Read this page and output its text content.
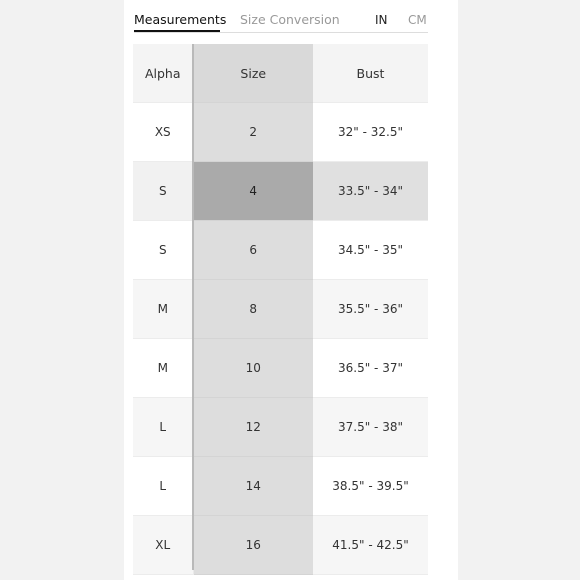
Measurements Size Conversion	IN CM
Alpha	Size	Bust
XS	2	32" - 32.5"
S	4	33.5" - 34"
S	6	34.5" - 35"
M	8	35.5" - 36"
M	10	36.5" - 37"
L	12	37.5" - 38"
L	14	38.5" - 39.5"
XL	16	41.5" - 42.5"
